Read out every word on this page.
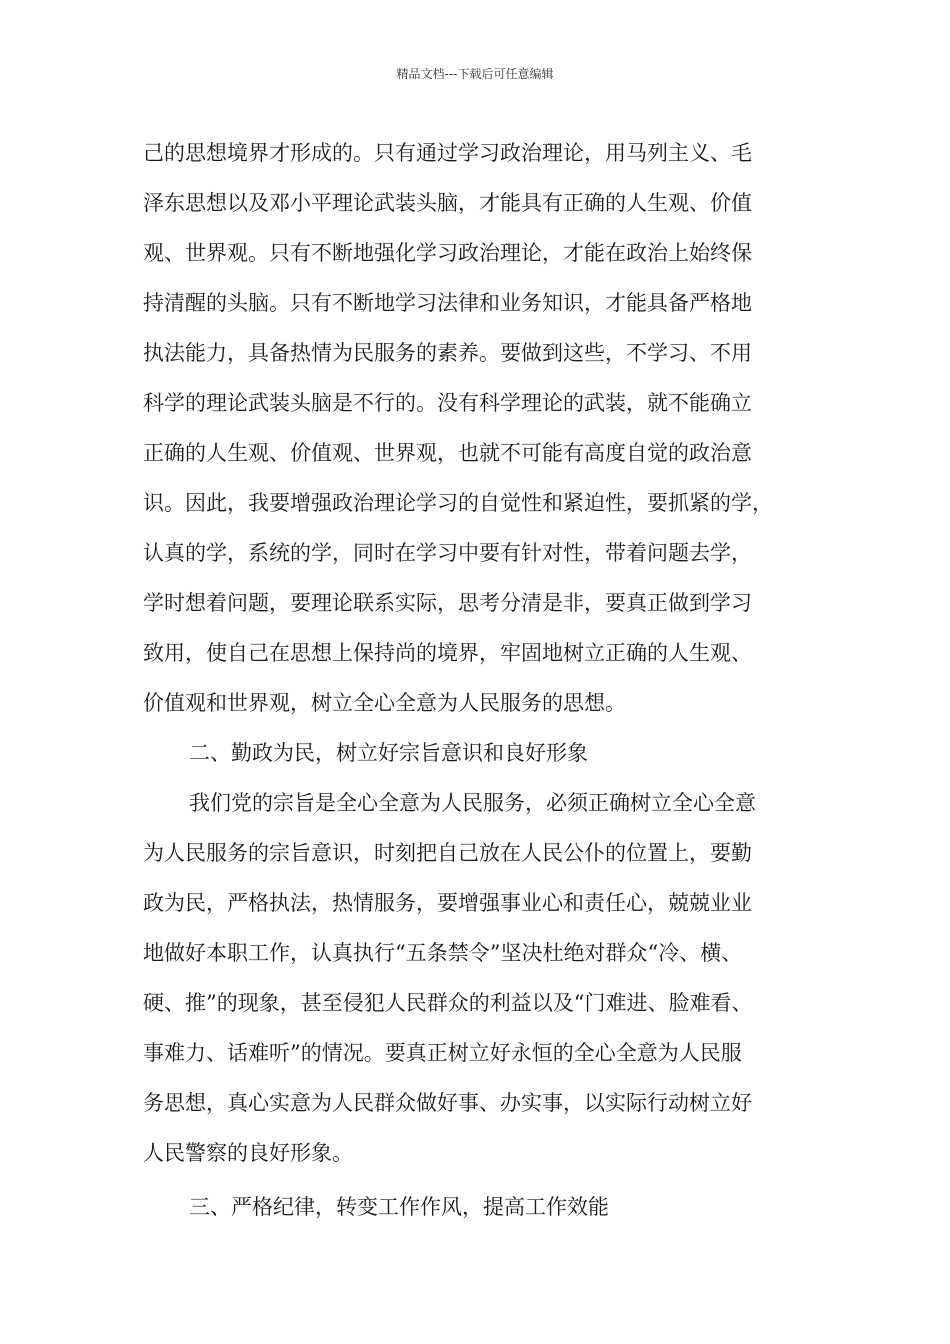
精品文档---下载后可任意编辑
己的思想境界才形成的。只有通过学习政治理论，用马列主义、毛
泽东思想以及邓小平理论武装头脑，才能具有正确的人生观、价值
观、世界观。只有不断地强化学习政治理论，才能在政治上始终保
持清醒的头脑。只有不断地学习法律和业务知识，才能具备严格地
执法能力，具备热情为民服务的素养。要做到这些，不学习、不用
科学的理论武装头脑是不行的。没有科学理论的武装，就不能确立
正确的人生观、价值观、世界观，也就不可能有高度自觉的政治意
识。因此，我要增强政治理论学习的自觉性和紧迫性，要抓紧的学，
认真的学，系统的学，同时在学习中要有针对性，带着问题去学，
学时想着问题，要理论联系实际，思考分清是非，要真正做到学习
致用，使自己在思想上保持尚的境界，牢固地树立正确的人生观、
价值观和世界观，树立全心全意为人民服务的思想。
二、勤政为民，树立好宗旨意识和良好形象
我们党的宗旨是全心全意为人民服务，必须正确树立全心全意
为人民服务的宗旨意识，时刻把自己放在人民公仆的位置上，要勤
政为民，严格执法，热情服务，要增强事业心和责任心，兢兢业业
地做好本职工作，认真执行“五条禁令”坚决杜绝对群众“冷、横、
硬、推”的现象，甚至侵犯人民群众的利益以及“门难进、脸难看、
事难力、话难听”的情况。要真正树立好永恒的全心全意为人民服
务思想，真心实意为人民群众做好事、办实事，以实际行动树立好
人民警察的良好形象。
三、严格纪律，转变工作作风，提高工作效能
